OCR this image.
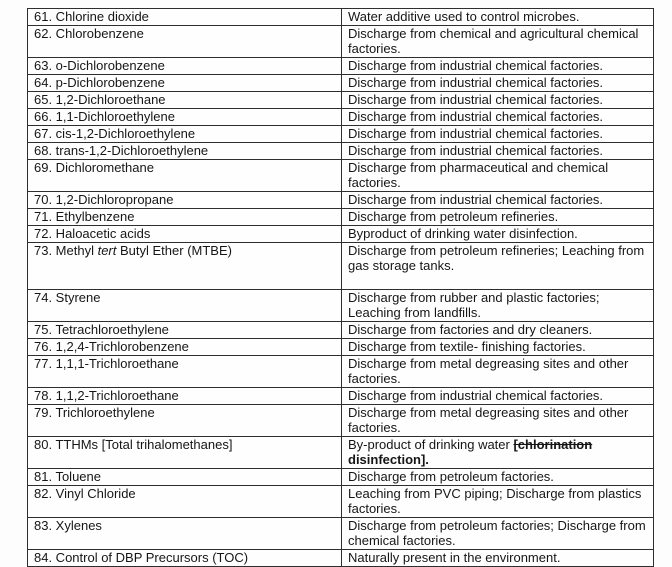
61. Chlorine dioxide	Water additive used to control microbes.
62. Chlorobenzene	Discharge from chemical and agricultural chemical factories.
63. o-Dichlorobenzene	Discharge from industrial chemical factories.
64. p-Dichlorobenzene	Discharge from industrial chemical factories.
65. 1,2-Dichloroethane	Discharge from industrial chemical factories.
66. 1,1-Dichloroethylene	Discharge from industrial chemical factories.
67. cis-1,2-Dichloroethylene	Discharge from industrial chemical factories.
68. trans-1,2-Dichloroethylene	Discharge from industrial chemical factories.
69. Dichloromethane	Discharge from pharmaceutical and chemical factories.
70. 1,2-Dichloropropane	Discharge from industrial chemical factories.
71. Ethylbenzene	Discharge from petroleum refineries.
72. Haloacetic acids	Byproduct of drinking water disinfection.
73. Methyl tert Butyl Ether (MTBE)	Discharge from petroleum refineries; Leaching from gas storage tanks.
74. Styrene	Discharge from rubber and plastic factories; Leaching from landfills.
75. Tetrachloroethylene	Discharge from factories and dry cleaners.
76. 1,2,4-Trichlorobenzene	Discharge from textile- finishing factories.
77. 1,1,1-Trichloroethane	Discharge from metal degreasing sites and other factories.
78. 1,1,2-Trichloroethane	Discharge from industrial chemical factories.
79. Trichloroethylene	Discharge from metal degreasing sites and other factories.
80. TTHMs [Total trihalomethanes]	By-product of drinking water [chlorination disinfection].
81. Toluene	Discharge from petroleum factories.
82. Vinyl Chloride	Leaching from PVC piping; Discharge from plastics factories.
83. Xylenes	Discharge from petroleum factories; Discharge from chemical factories.
84. Control of DBP Precursors (TOC)	Naturally present in the environment.
